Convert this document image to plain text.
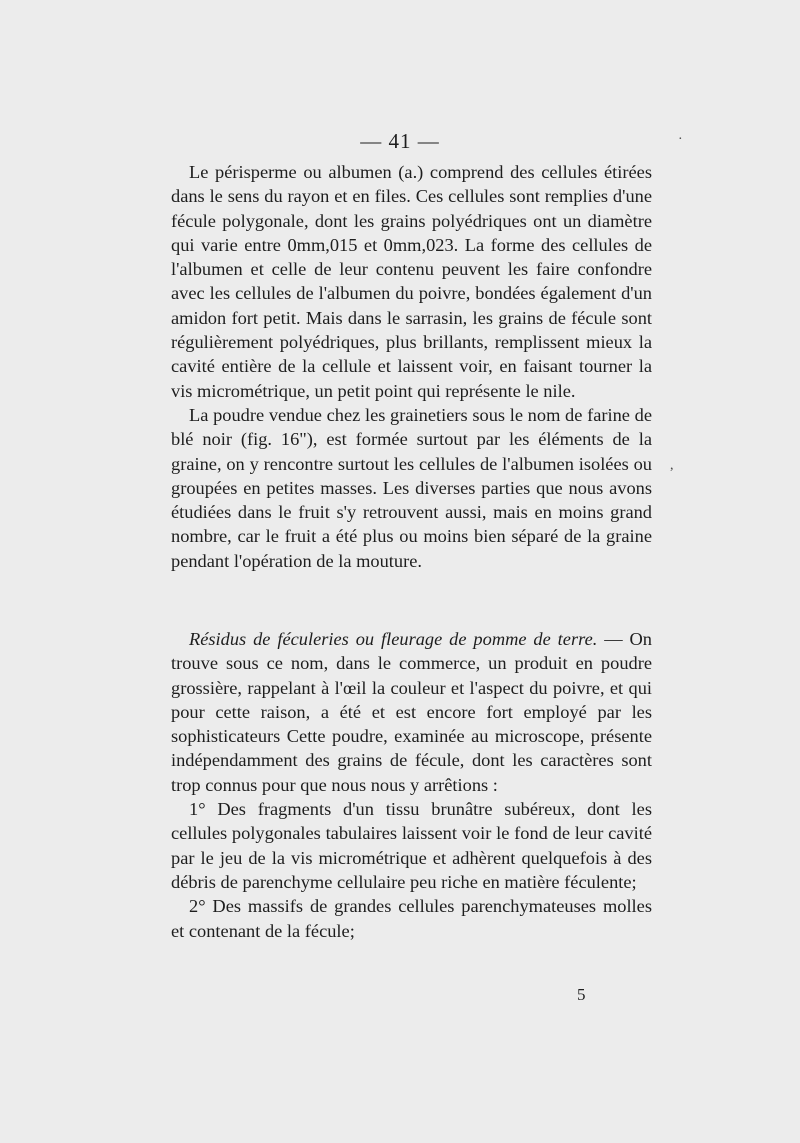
— 41 —	·
,

Le périsperme ou albumen (a.) comprend des cellules étirées dans le sens du rayon et en files. Ces cellules sont remplies d'une fécule polygonale, dont les grains polyédriques ont un diamètre qui varie entre 0mm,015 et 0mm,023. La forme des cellules de l'albumen et celle de leur contenu peuvent les faire confondre avec les cellules de l'albumen du poivre, bondées également d'un amidon fort petit. Mais dans le sarrasin, les grains de fécule sont régulièrement polyédriques, plus brillants, remplissent mieux la cavité entière de la cellule et laissent voir, en faisant tourner la vis micrométrique, un petit point qui représente le nile.

La poudre vendue chez les grainetiers sous le nom de farine de blé noir (fig. 16"), est formée surtout par les éléments de la graine, on y rencontre surtout les cellules de l'albumen isolées ou groupées en petites masses. Les diverses parties que nous avons étudiées dans le fruit s'y retrouvent aussi, mais en moins grand nombre, car le fruit a été plus ou moins bien séparé de la graine pendant l'opération de la mouture.

Résidus de féculeries ou fleurage de pomme de terre. — On trouve sous ce nom, dans le commerce, un produit en poudre grossière, rappelant à l'œil la couleur et l'aspect du poivre, et qui pour cette raison, a été et est encore fort employé par les sophisticateurs Cette poudre, examinée au microscope, présente indépendamment des grains de fécule, dont les caractères sont trop connus pour que nous nous y arrêtions :

1° Des fragments d'un tissu brunâtre subéreux, dont les cellules polygonales tabulaires laissent voir le fond de leur cavité par le jeu de la vis micrométrique et adhèrent quelquefois à des débris de parenchyme cellulaire peu riche en matière féculente;

2° Des massifs de grandes cellules parenchymateuses molles et contenant de la fécule;

5
